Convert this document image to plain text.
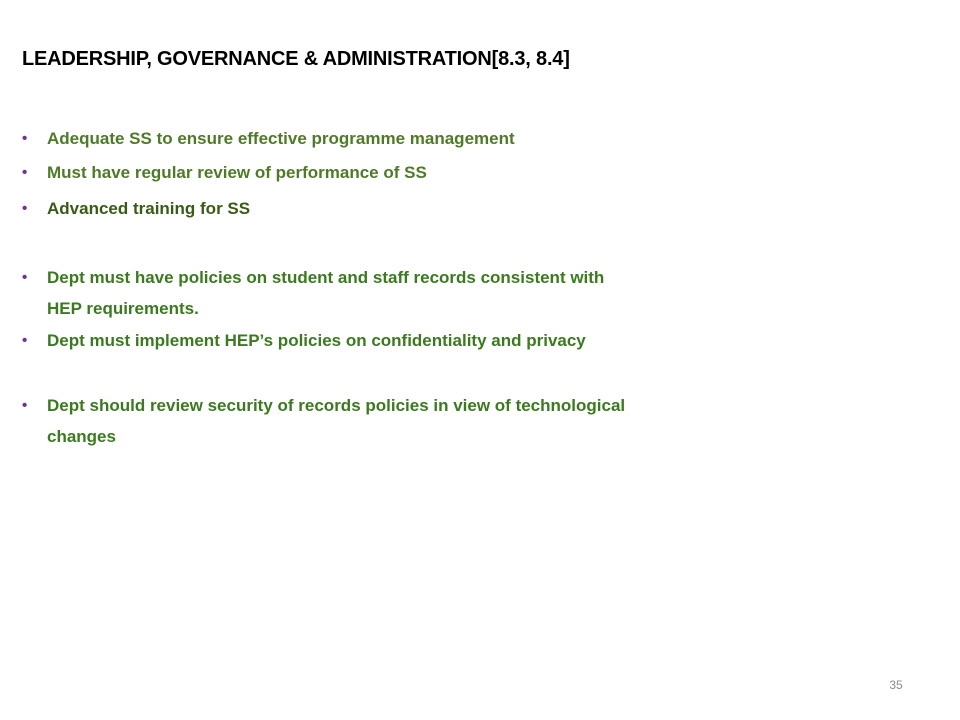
LEADERSHIP, GOVERNANCE & ADMINISTRATION[8.3, 8.4]
• Adequate SS to ensure effective programme management
• Must have regular review of performance of SS
• Advanced training for SS
• Dept must have policies on student and staff records consistent with HEP requirements.
• Dept must implement HEP’s policies on confidentiality and privacy
• Dept should review security of records policies in view of technological changes
35
